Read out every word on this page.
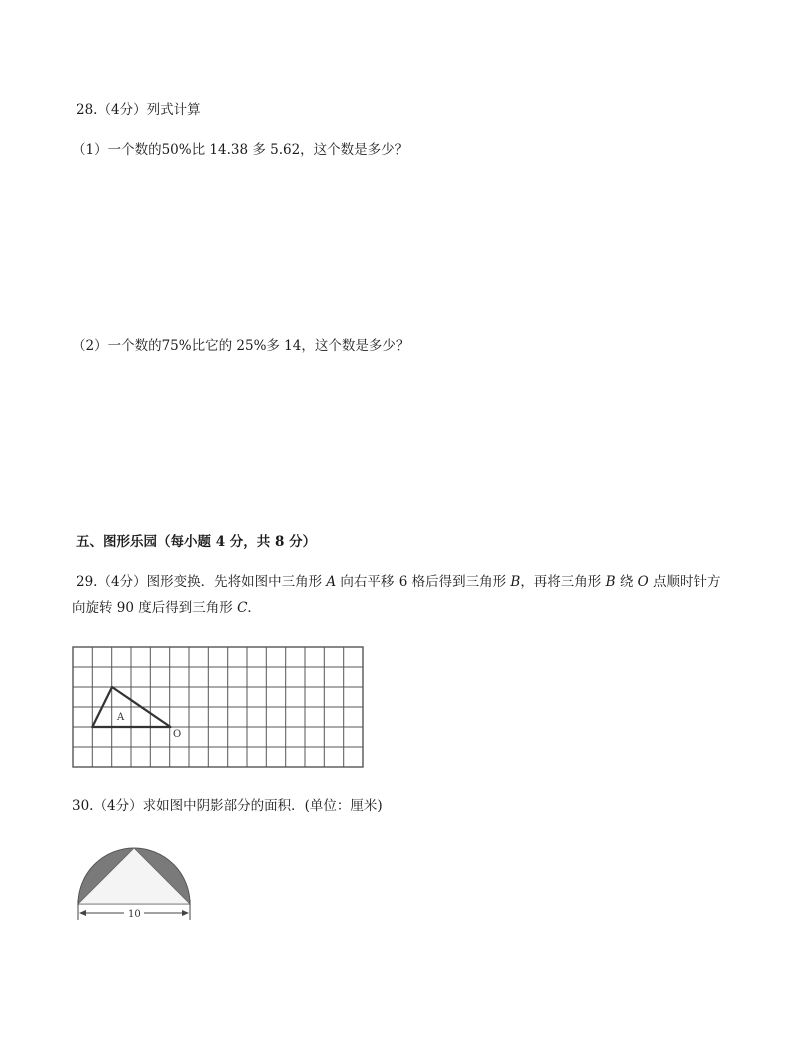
28.（4分）列式计算
（1）一个数的50%比 14.38 多 5.62，这个数是多少？
（2）一个数的75%比它的 25%多 14，这个数是多少？
五、图形乐园（每小题 4 分，共 8 分）
29.（4分）图形变换．先将如图中三角形 A 向右平移 6 格后得到三角形 B，再将三角形 B 绕 O 点顺时针方
向旋转 90 度后得到三角形 C．
A
O
30.（4分）求如图中阴影部分的面积．(单位：厘米)
10
